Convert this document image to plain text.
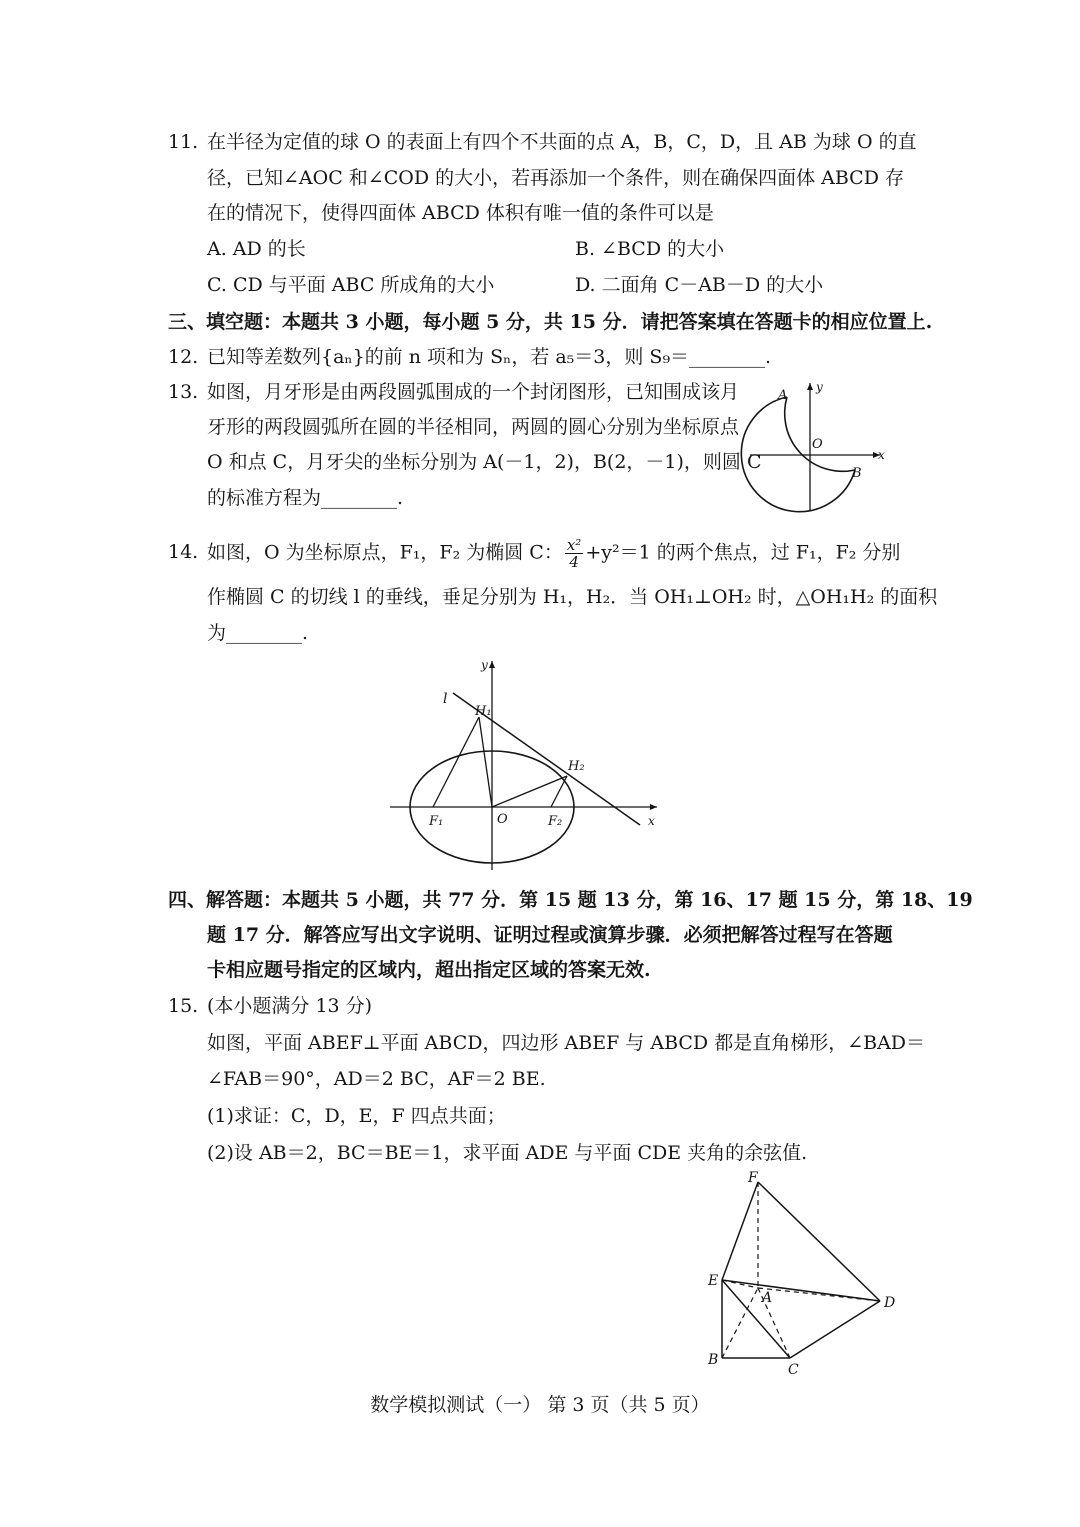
11. 在半径为定值的球 O 的表面上有四个不共面的点 A，B，C，D，且 AB 为球 O 的直
径，已知∠AOC 和∠COD 的大小，若再添加一个条件，则在确保四面体 ABCD 存
在的情况下，使得四面体 ABCD 体积有唯一值的条件可以是
A. AD 的长	B. ∠BCD 的大小
C. CD 与平面 ABC 所成角的大小	D. 二面角 C－AB－D 的大小
三、填空题：本题共 3 小题，每小题 5 分，共 15 分．请把答案填在答题卡的相应位置上.
12. 已知等差数列{aₙ}的前 n 项和为 Sₙ，若 a₅＝3，则 S₉＝________.
13. 如图，月牙形是由两段圆弧围成的一个封闭图形，已知围成该月
牙形的两段圆弧所在圆的半径相同，两圆的圆心分别为坐标原点
O 和点 C，月牙尖的坐标分别为 A(－1，2)，B(2，－1)，则圆 C
的标准方程为________.
A
B
O
y
x
14. 如图，O 为坐标原点，F₁，F₂ 为椭圆 C： $\frac{\text{x²}}{4} +y^2=1$ 的两个焦点，过 F₁，F₂ 分别
作椭圆 C 的切线 l 的垂线，垂足分别为 H₁，H₂．当 OH₁⊥OH₂ 时，△OH₁H₂ 的面积
为________.
l
H₁
H₂
F₁	O	F₂
y
x
四、解答题：本题共 5 小题，共 77 分．第 15 题 13 分，第 16、17 题 15 分，第 18、19
题 17 分．解答应写出文字说明、证明过程或演算步骤．必须把解答过程写在答题
卡相应题号指定的区域内，超出指定区域的答案无效.
15. (本小题满分 13 分)
如图，平面 ABEF⊥平面 ABCD，四边形 ABEF 与 ABCD 都是直角梯形，∠BAD＝
∠FAB＝90°，AD＝2 BC，AF＝2 BE.
(1)求证：C，D，E，F 四点共面；
(2)设 AB＝2，BC＝BE＝1，求平面 ADE 与平面 CDE 夹角的余弦值.
F
E
A	D
B
C
数学模拟测试（一） 第 3 页（共 5 页）
